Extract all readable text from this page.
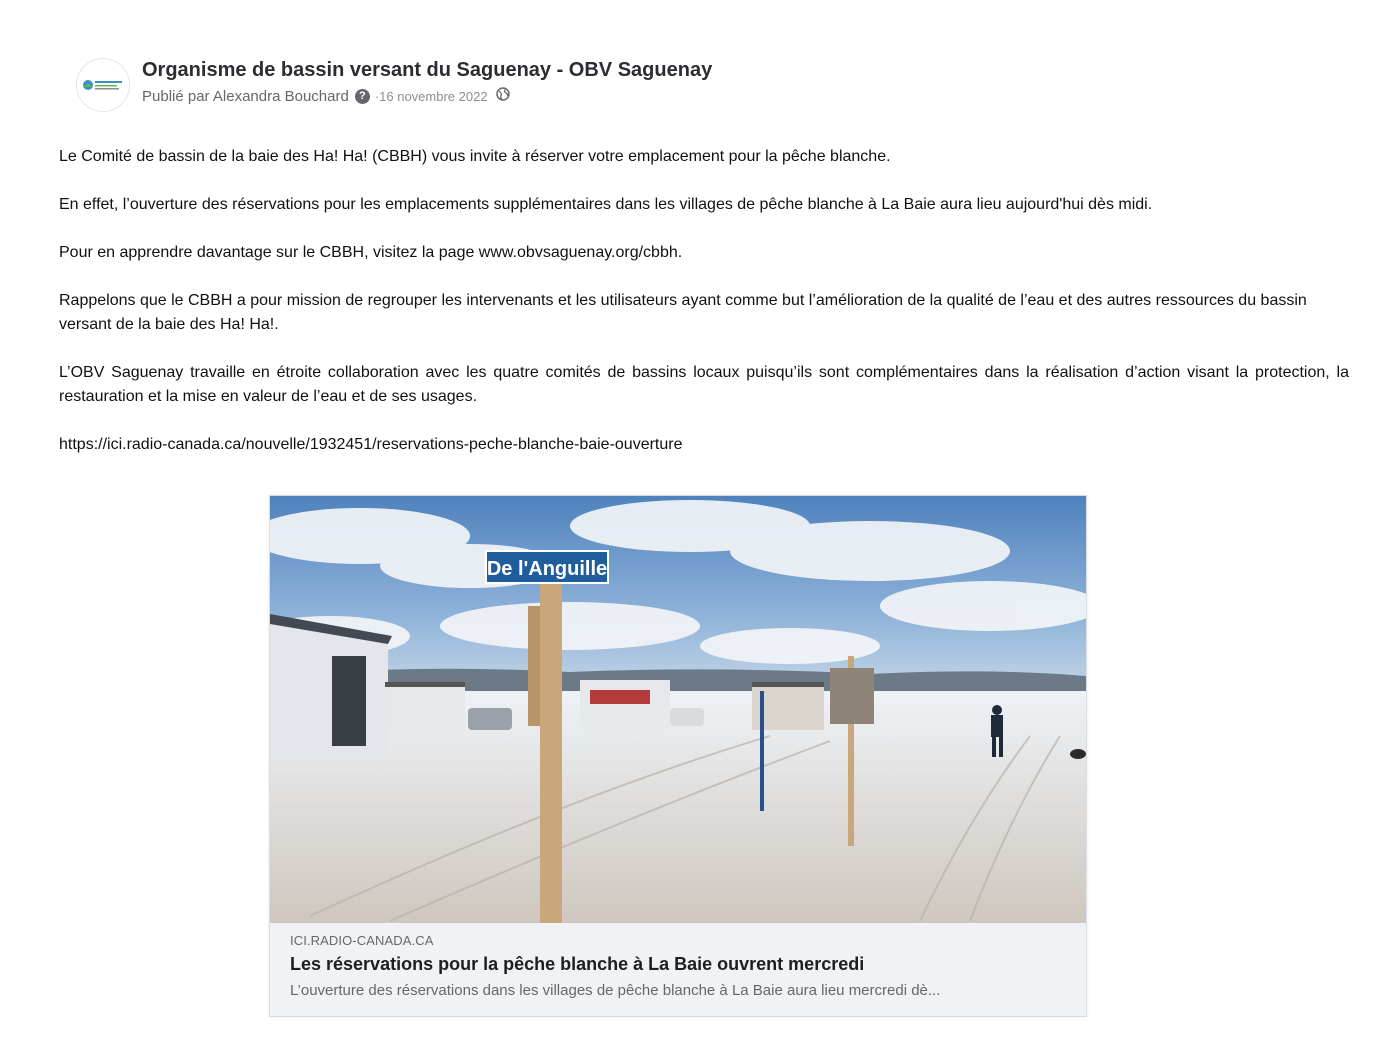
Organisme de bassin versant du Saguenay - OBV Saguenay
Publié par Alexandra Bouchard ? ·16 novembre 2022

Le Comité de bassin de la baie des Ha! Ha! (CBBH) vous invite à réserver votre emplacement pour la pêche blanche.

En effet, l’ouverture des réservations pour les emplacements supplémentaires dans les villages de pêche blanche à La Baie aura lieu aujourd'hui dès midi.

Pour en apprendre davantage sur le CBBH, visitez la page www.obvsaguenay.org/cbbh.

Rappelons que le CBBH a pour mission de regrouper les intervenants et les utilisateurs ayant comme but l’amélioration de la qualité de l’eau et des autres ressources du bassin versant de la baie des Ha! Ha!.

L’OBV Saguenay travaille en étroite collaboration avec les quatre comités de bassins locaux puisqu’ils sont complémentaires dans la réalisation d’action visant la protection, la restauration et la mise en valeur de l’eau et de ses usages.

https://ici.radio-canada.ca/nouvelle/1932451/reservations-peche-blanche-baie-ouverture

De l'Anguille
ICI.RADIO-CANADA.CA
Les réservations pour la pêche blanche à La Baie ouvrent mercredi
L’ouverture des réservations dans les villages de pêche blanche à La Baie aura lieu mercredi dè...
